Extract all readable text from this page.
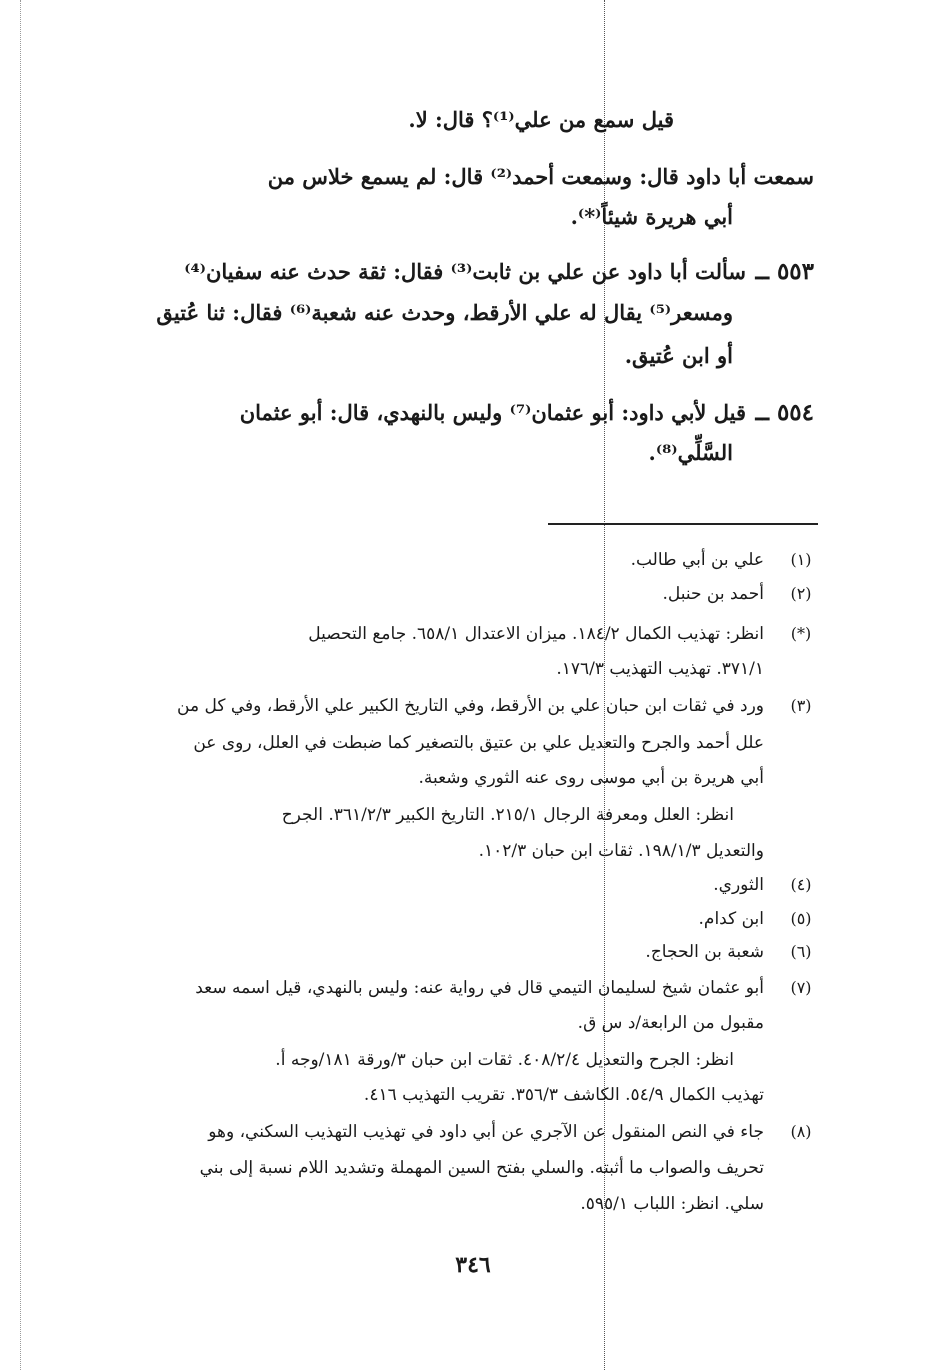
قيل سمع من علي⁽¹⁾؟ قال: لا.
سمعت أبا داود قال: وسمعت أحمد⁽²⁾ قال: لم يسمع خلاس من
أبي هريرة شيئاً⁽*⁾.
٥٥٣ ــ
سألت أبا داود عن علي بن ثابت⁽³⁾ فقال: ثقة حدث عنه سفيان⁽⁴⁾
ومسعر⁽⁵⁾ يقال له علي الأرقط، وحدث عنه شعبة⁽⁶⁾ فقال: ثنا عُتيق
أو ابن عُتيق.
٥٥٤ ــ
قيل لأبي داود: أبو عثمان⁽⁷⁾ وليس بالنهدي، قال: أبو عثمان
السَّلِّي⁽⁸⁾.
(١)
علي بن أبي طالب.
(٢)
أحمد بن حنبل.
(*)
انظر: تهذيب الكمال ١٨٤/٢. ميزان الاعتدال ٦٥٨/١. جامع التحصيل
٣٧١/١. تهذيب التهذيب ١٧٦/٣.
(٣)
ورد في ثقات ابن حبان علي بن الأرقط، وفي التاريخ الكبير علي الأرقط، وفي كل من
علل أحمد والجرح والتعديل علي بن عتيق بالتصغير كما ضبطت في العلل، روى عن
أبي هريرة بن أبي موسى روى عنه الثوري وشعبة.
انظر: العلل ومعرفة الرجال ٢١٥/١. التاريخ الكبير ٣٦١/٢/٣. الجرح
والتعديل ١٩٨/١/٣. ثقات ابن حبان ١٠٢/٣.
(٤)
الثوري.
(٥)
ابن كدام.
(٦)
شعبة بن الحجاج.
(٧)
أبو عثمان شيخ لسليمان التيمي قال في رواية عنه: وليس بالنهدي، قيل اسمه سعد
مقبول من الرابعة/د س ق.
انظر: الجرح والتعديل ٤٠٨/٢/٤. ثقات ابن حبان ٣/ورقة ١٨١/وجه أ.
تهذيب الكمال ٥٤/٩. الكاشف ٣٥٦/٣. تقريب التهذيب ٤١٦.
(٨)
جاء في النص المنقول عن الآجري عن أبي داود في تهذيب التهذيب السكني، وهو
تحريف والصواب ما أثبته. والسلي بفتح السين المهملة وتشديد اللام نسبة إلى بني
سلي. انظر: اللباب ٥٩٥/١.
٣٤٦
